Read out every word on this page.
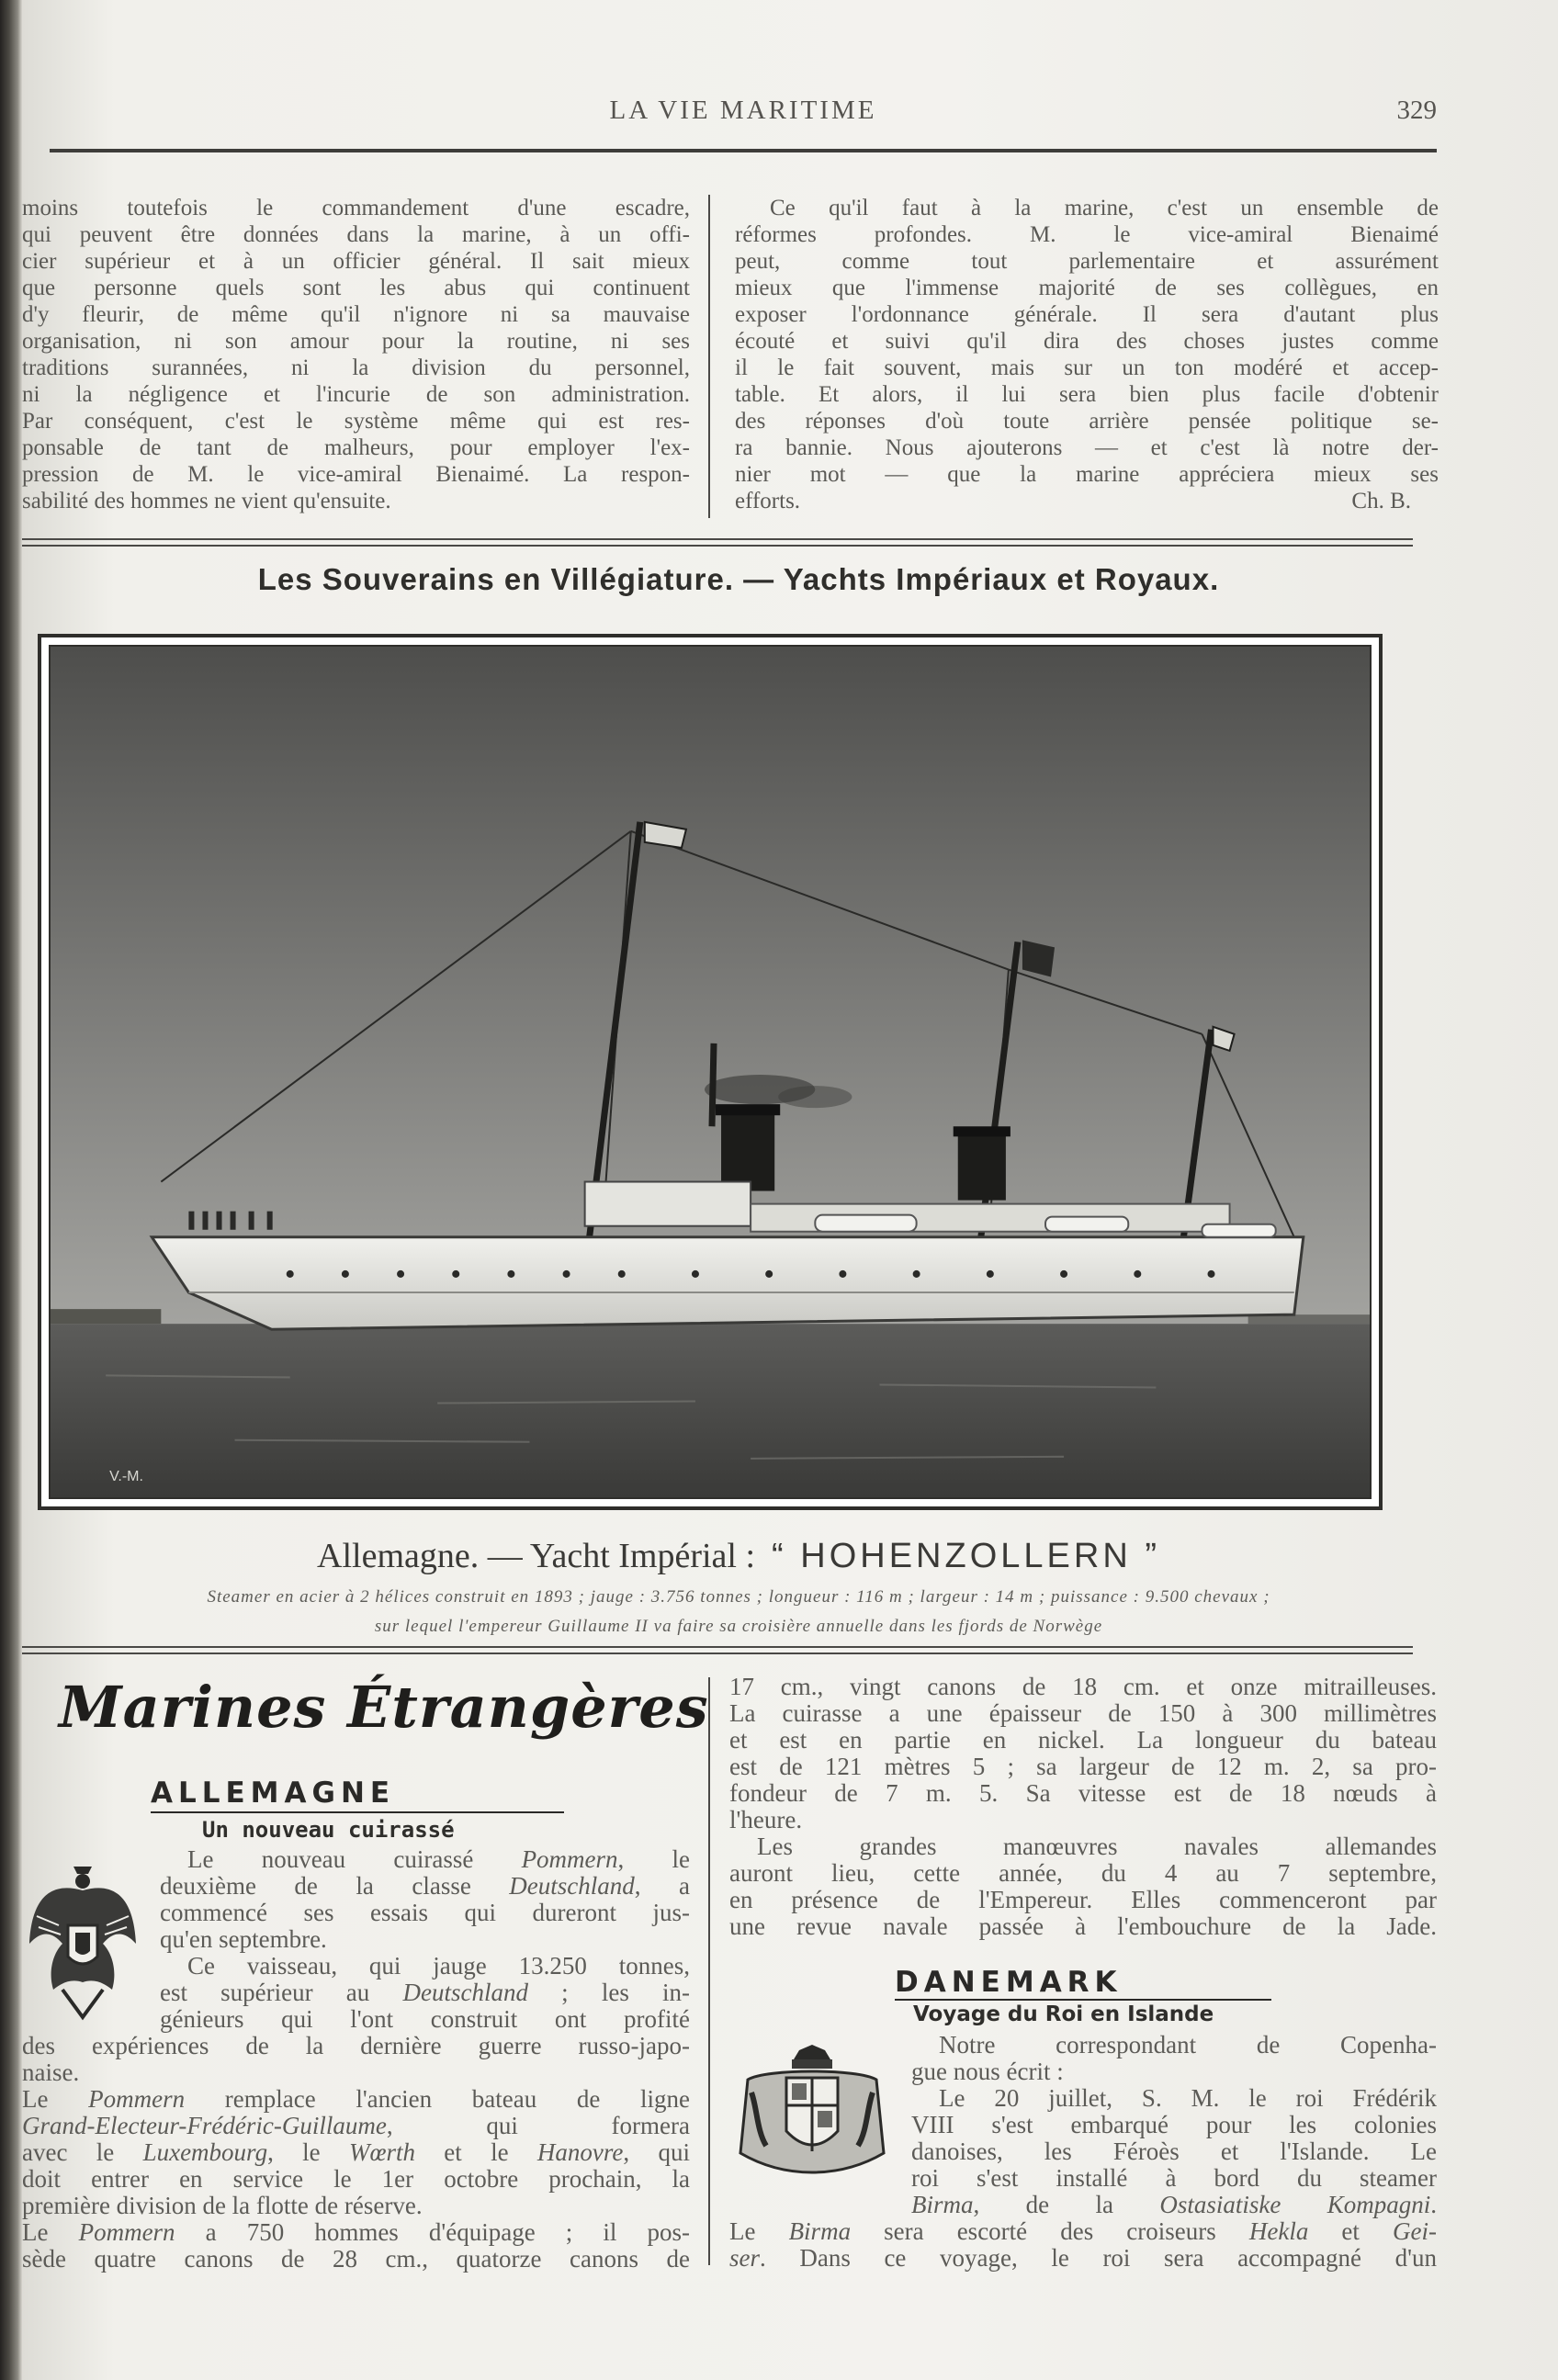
LA VIE MARITIME	329
moins toutefois le commandement d'une escadre,
qui peuvent être données dans la marine, à un offi-
cier supérieur et à un officier général. Il sait mieux
que personne quels sont les abus qui continuent
d'y fleurir, de même qu'il n'ignore ni sa mauvaise
organisation, ni son amour pour la routine, ni ses
traditions surannées, ni la division du personnel,
ni la négligence et l'incurie de son administration.
Par conséquent, c'est le système même qui est res-
ponsable de tant de malheurs, pour employer l'ex-
pression de M. le vice-amiral Bienaimé. La respon-
sabilité des hommes ne vient qu'ensuite.
Ce qu'il faut à la marine, c'est un ensemble de
réformes profondes. M. le vice-amiral Bienaimé
peut, comme tout parlementaire et assurément
mieux que l'immense majorité de ses collègues, en
exposer l'ordonnance générale. Il sera d'autant plus
écouté et suivi qu'il dira des choses justes comme
il le fait souvent, mais sur un ton modéré et accep-
table. Et alors, il lui sera bien plus facile d'obtenir
des réponses d'où toute arrière pensée politique se-
ra bannie. Nous ajouterons — et c'est là notre der-
nier mot — que la marine appréciera mieux ses
efforts.	Ch. B.
Les Souverains en Villégiature. — Yachts Impériaux et Royaux.
V.-M.
Allemagne. — Yacht Impérial : “ HOHENZOLLERN ”
Steamer en acier à 2 hélices construit en 1893 ; jauge : 3.756 tonnes ; longueur : 116 m ; largeur : 14 m ; puissance : 9.500 chevaux ;
sur lequel l'empereur Guillaume II va faire sa croisière annuelle dans les fjords de Norwège
Marines Étrangères
ALLEMAGNE
Un nouveau cuirassé
Le nouveau cuirassé Pommern, le
deuxième de la classe Deutschland, a
commencé ses essais qui dureront jus-
qu'en septembre.
Ce vaisseau, qui jauge 13.250 tonnes,
est supérieur au Deutschland ; les in-
génieurs qui l'ont construit ont profité
des expériences de la dernière guerre russo-japo-
naise.
Le Pommern remplace l'ancien bateau de ligne
Grand-Electeur-Frédéric-Guillaume, qui formera
avec le Luxembourg, le Wœrth et le Hanovre, qui
doit entrer en service le 1er octobre prochain, la
première division de la flotte de réserve.
Le Pommern a 750 hommes d'équipage ; il pos-
sède quatre canons de 28 cm., quatorze canons de
17 cm., vingt canons de 18 cm. et onze mitrailleuses.
La cuirasse a une épaisseur de 150 à 300 millimètres
et est en partie en nickel. La longueur du bateau
est de 121 mètres 5 ; sa largeur de 12 m. 2, sa pro-
fondeur de 7 m. 5. Sa vitesse est de 18 nœuds à
l'heure.
Les grandes manœuvres navales allemandes
auront lieu, cette année, du 4 au 7 septembre,
en présence de l'Empereur. Elles commenceront par
une revue navale passée à l'embouchure de la Jade.
DANEMARK
Voyage du Roi en Islande
Notre correspondant de Copenha-
gue nous écrit :
Le 20 juillet, S. M. le roi Frédérik
VIII s'est embarqué pour les colonies
danoises, les Féroès et l'Islande. Le
roi s'est installé à bord du steamer
Birma, de la Ostasiatiske Kompagni.
Le Birma sera escorté des croiseurs Hekla et Gei-
ser. Dans ce voyage, le roi sera accompagné d'un
